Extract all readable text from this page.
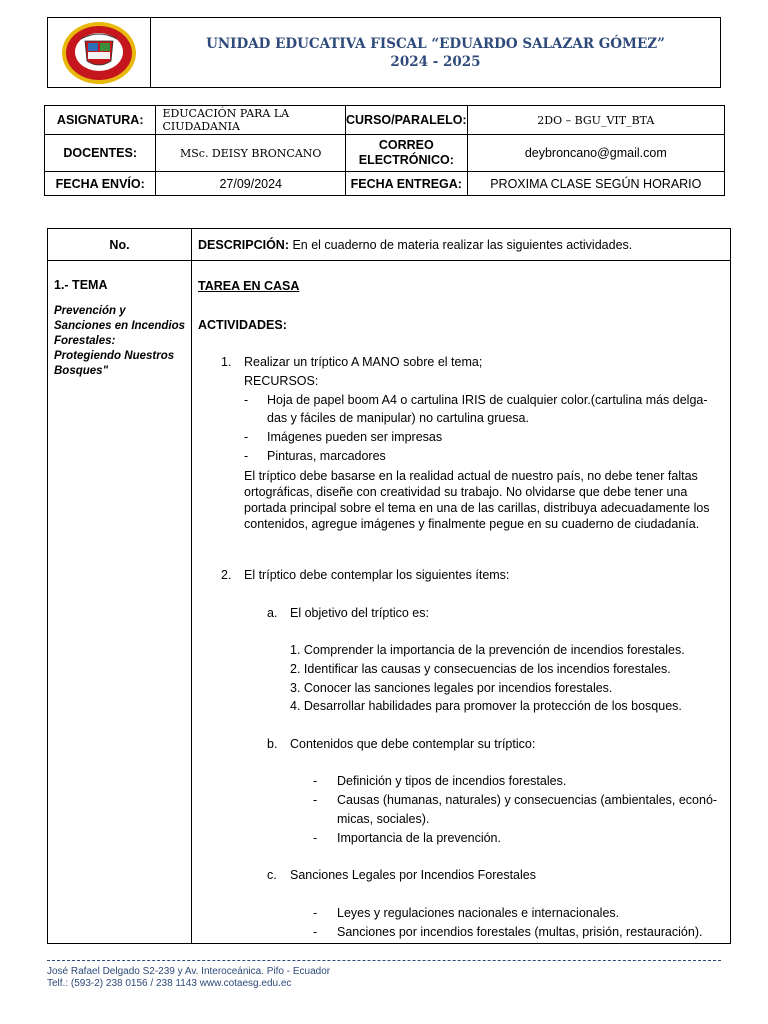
UNIDAD EDUCATIVA FISCAL “EDUARDO SALAZAR GÓMEZ”
2024 - 2025
ASIGNATURA:	EDUCACIÓN PARA LA CIUDADANIA	CURSO/PARALELO:	2DO – BGU_VIT_BTA
DOCENTES:	MSc. DEISY BRONCANO	CORREO ELECTRÓNICO:	deybroncano@gmail.com
FECHA ENVÍO:	27/09/2024	FECHA ENTREGA:	PROXIMA CLASE SEGÚN HORARIO
No.	DESCRIPCIÓN:
En el cuaderno de materia realizar las siguientes actividades.
1.- TEMA
Prevención y Sanciones en Incendios Forestales: Protegiendo Nuestros Bosques"
TAREA EN CASA
ACTIVIDADES:
1. Realizar un tríptico A MANO sobre el tema;
RECURSOS:
- Hoja de papel boom A4 o cartulina IRIS de cualquier color.(cartulina más delga-
das y fáciles de manipular) no cartulina gruesa.
- Imágenes pueden ser impresas
- Pinturas, marcadores
El tríptico debe basarse en la realidad actual de nuestro país, no debe tener faltas ortográficas, diseñe con creatividad su trabajo. No olvidarse que debe tener una portada principal sobre el tema en una de las carillas, distribuya adecuadamente los contenidos, agregue imágenes y finalmente pegue en su cuaderno de ciudadanía.
2. El tríptico debe contemplar los siguientes ítems:
a. El objetivo del tríptico es:
1. Comprender la importancia de la prevención de incendios forestales.
2. Identificar las causas y consecuencias de los incendios forestales.
3. Conocer las sanciones legales por incendios forestales.
4. Desarrollar habilidades para promover la protección de los bosques.
b. Contenidos que debe contemplar su tríptico:
- Definición y tipos de incendios forestales.
- Causas (humanas, naturales) y consecuencias (ambientales, econó-
micas, sociales).
- Importancia de la prevención.
c. Sanciones Legales por Incendios Forestales
- Leyes y regulaciones nacionales e internacionales.
- Sanciones por incendios forestales (multas, prisión, restauración).
José Rafael Delgado S2-239 y Av. Interoceánica. Pifo - Ecuador
Telf.: (593-2) 238 0156 / 238 1143 www.cotaesg.edu.ec
